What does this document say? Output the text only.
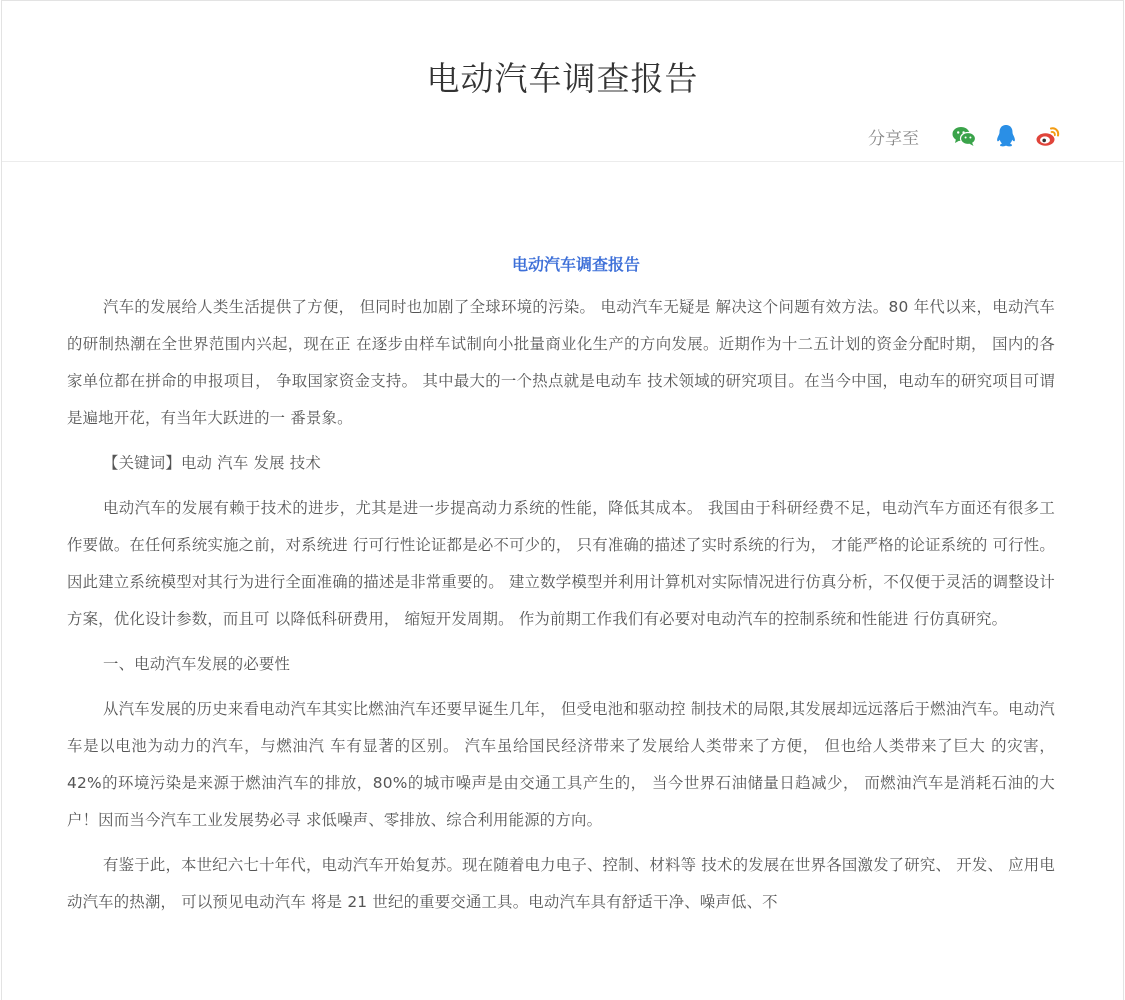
电动汽车调查报告
分享至
电动汽车调查报告

汽车的发展给人类生活提供了方便， 但同时也加剧了全球环境的污染。 电动汽车无疑是 解决这个问题有效方法。80 年代以来，电动汽车的研制热潮在全世界范围内兴起，现在正 在逐步由样车试制向小批量商业化生产的方向发展。近期作为十二五计划的资金分配时期， 国内的各家单位都在拼命的申报项目， 争取国家资金支持。 其中最大的一个热点就是电动车 技术领域的研究项目。在当今中国，电动车的研究项目可谓是遍地开花，有当年大跃进的一 番景象。

【关键词】电动 汽车 发展 技术

电动汽车的发展有赖于技术的进步，尤其是进一步提高动力系统的性能，降低其成本。 我国由于科研经费不足，电动汽车方面还有很多工作要做。在任何系统实施之前，对系统进 行可行性论证都是必不可少的， 只有准确的描述了实时系统的行为， 才能严格的论证系统的 可行性。 因此建立系统模型对其行为进行全面准确的描述是非常重要的。 建立数学模型并利用计算机对实际情况进行仿真分析，不仅便于灵活的调整设计方案，优化设计参数，而且可 以降低科研费用， 缩短开发周期。 作为前期工作我们有必要对电动汽车的控制系统和性能进 行仿真研究。

一、电动汽车发展的必要性

从汽车发展的历史来看电动汽车其实比燃油汽车还要早诞生几年， 但受电池和驱动控 制技术的局限,其发展却远远落后于燃油汽车。电动汽车是以电池为动力的汽车，与燃油汽 车有显著的区别。 汽车虽给国民经济带来了发展给人类带来了方便， 但也给人类带来了巨大 的灾害，42%的环境污染是来源于燃油汽车的排放，80%的城市噪声是由交通工具产生的， 当今世界石油储量日趋减少， 而燃油汽车是消耗石油的大户！因而当今汽车工业发展势必寻 求低噪声、零排放、综合利用能源的方向。

有鉴于此，本世纪六七十年代，电动汽车开始复苏。现在随着电力电子、控制、材料等 技术的发展在世界各国激发了研究、 开发、 应用电动汽车的热潮， 可以预见电动汽车 将是 21 世纪的重要交通工具。电动汽车具有舒适干净、噪声低、不
